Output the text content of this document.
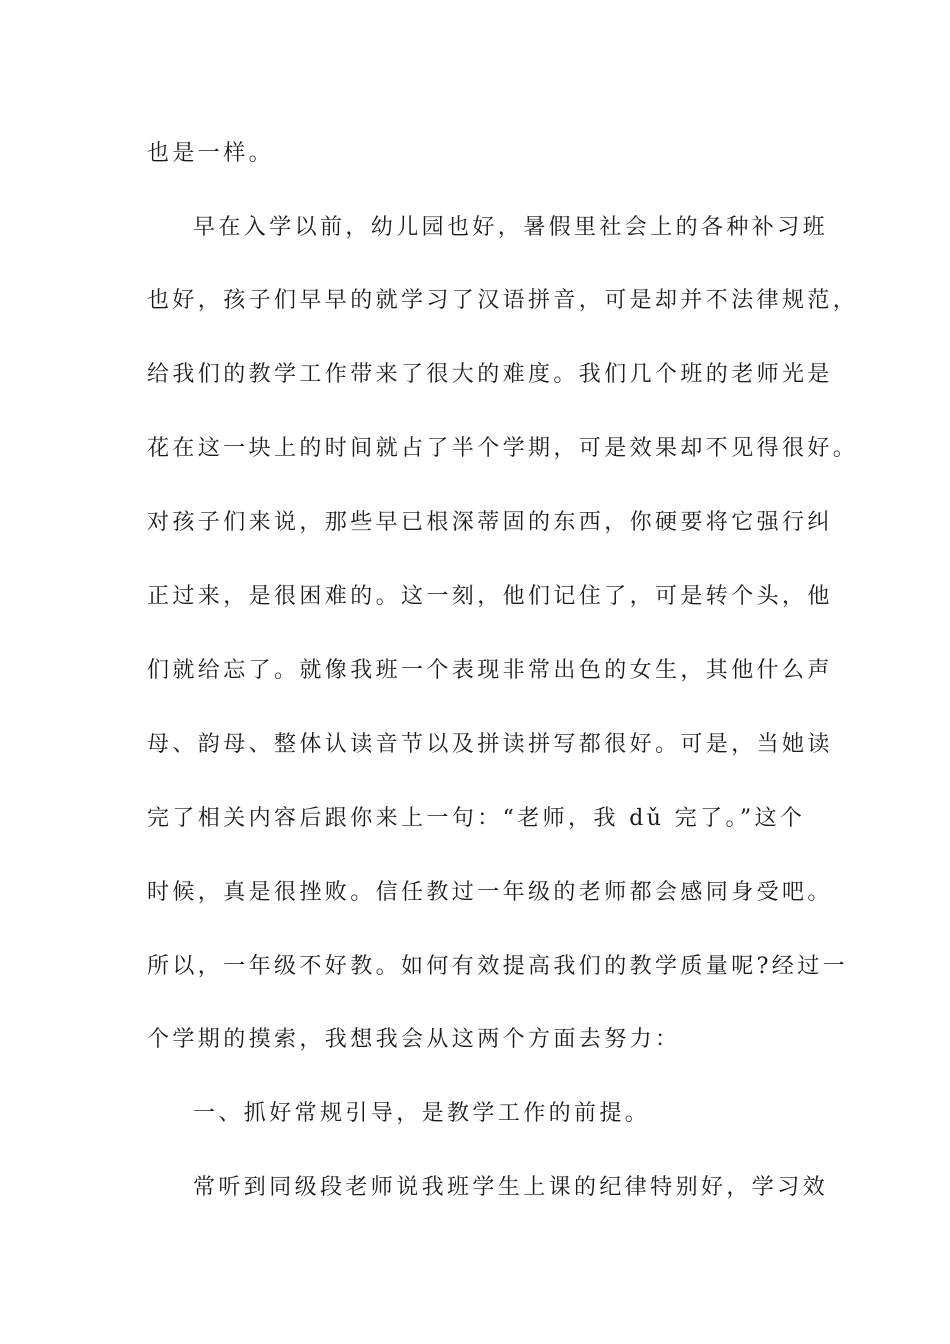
也是一样。
早在入学以前，幼儿园也好，暑假里社会上的各种补习班
也好，孩子们早早的就学习了汉语拼音，可是却并不法律规范，
给我们的教学工作带来了很大的难度。我们几个班的老师光是
花在这一块上的时间就占了半个学期，可是效果却不见得很好。
对孩子们来说，那些早已根深蒂固的东西，你硬要将它强行纠
正过来，是很困难的。这一刻，他们记住了，可是转个头，他
们就给忘了。就像我班一个表现非常出色的女生，其他什么声
母、韵母、整体认读音节以及拼读拼写都很好。可是，当她读
完了相关内容后跟你来上一句：“老师，我 dǔ 完了。”这个
时候，真是很挫败。信任教过一年级的老师都会感同身受吧。
所以，一年级不好教。如何有效提高我们的教学质量呢?经过一
个学期的摸索，我想我会从这两个方面去努力：
一、抓好常规引导，是教学工作的前提。
常听到同级段老师说我班学生上课的纪律特别好，学习效
